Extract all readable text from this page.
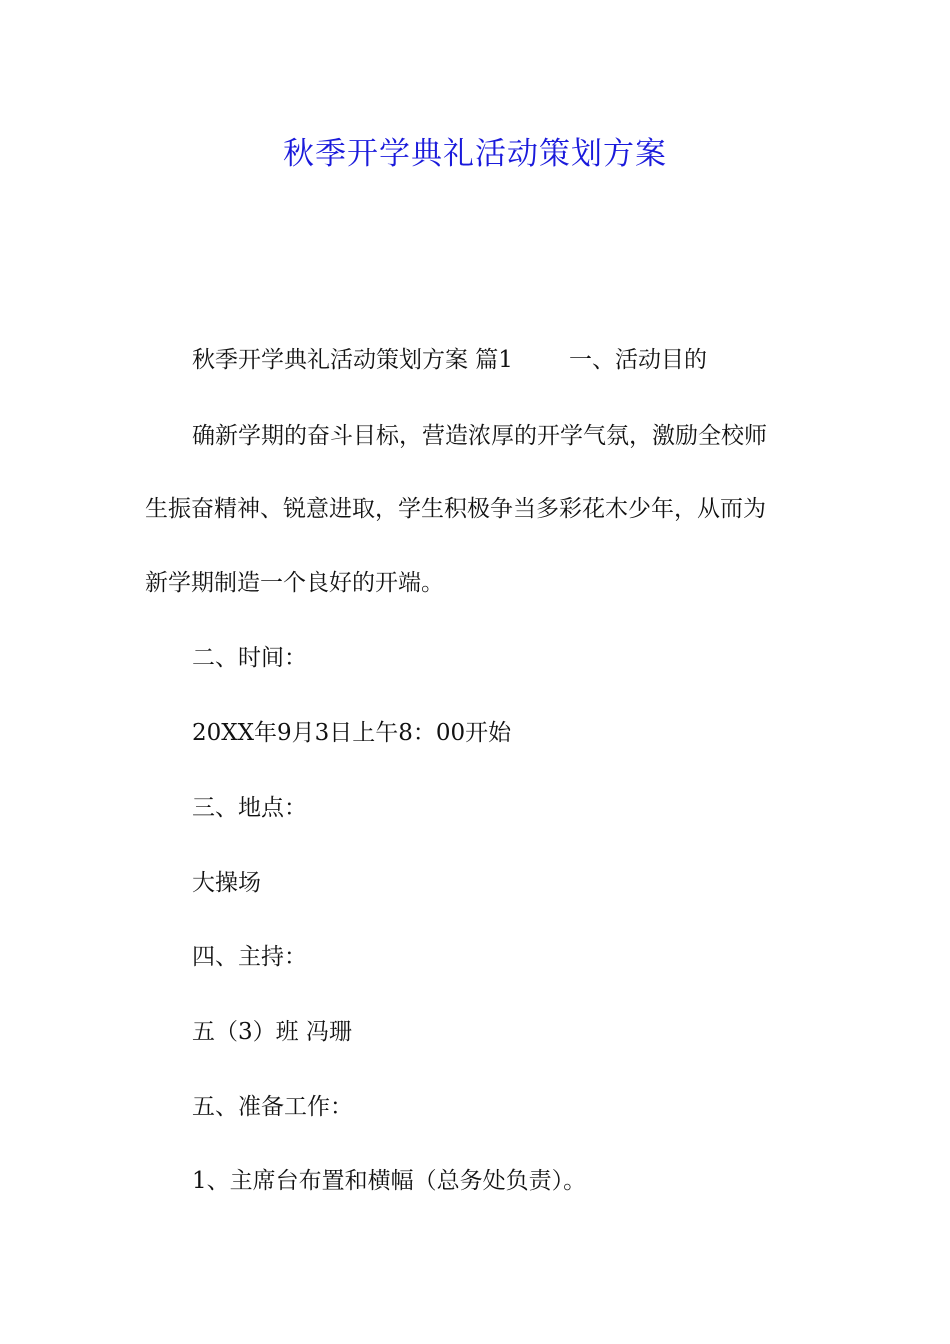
秋季开学典礼活动策划方案
秋季开学典礼活动策划方案 篇1 一、活动目的
确新学期的奋斗目标，营造浓厚的开学气氛，激励全校师
生振奋精神、锐意进取，学生积极争当多彩花木少年，从而为
新学期制造一个良好的开端。
二、时间：
20XX年9月3日上午8：00开始
三、地点：
大操场
四、主持：
五（3）班 冯珊
五、准备工作：
1、主席台布置和横幅（总务处负责）。
